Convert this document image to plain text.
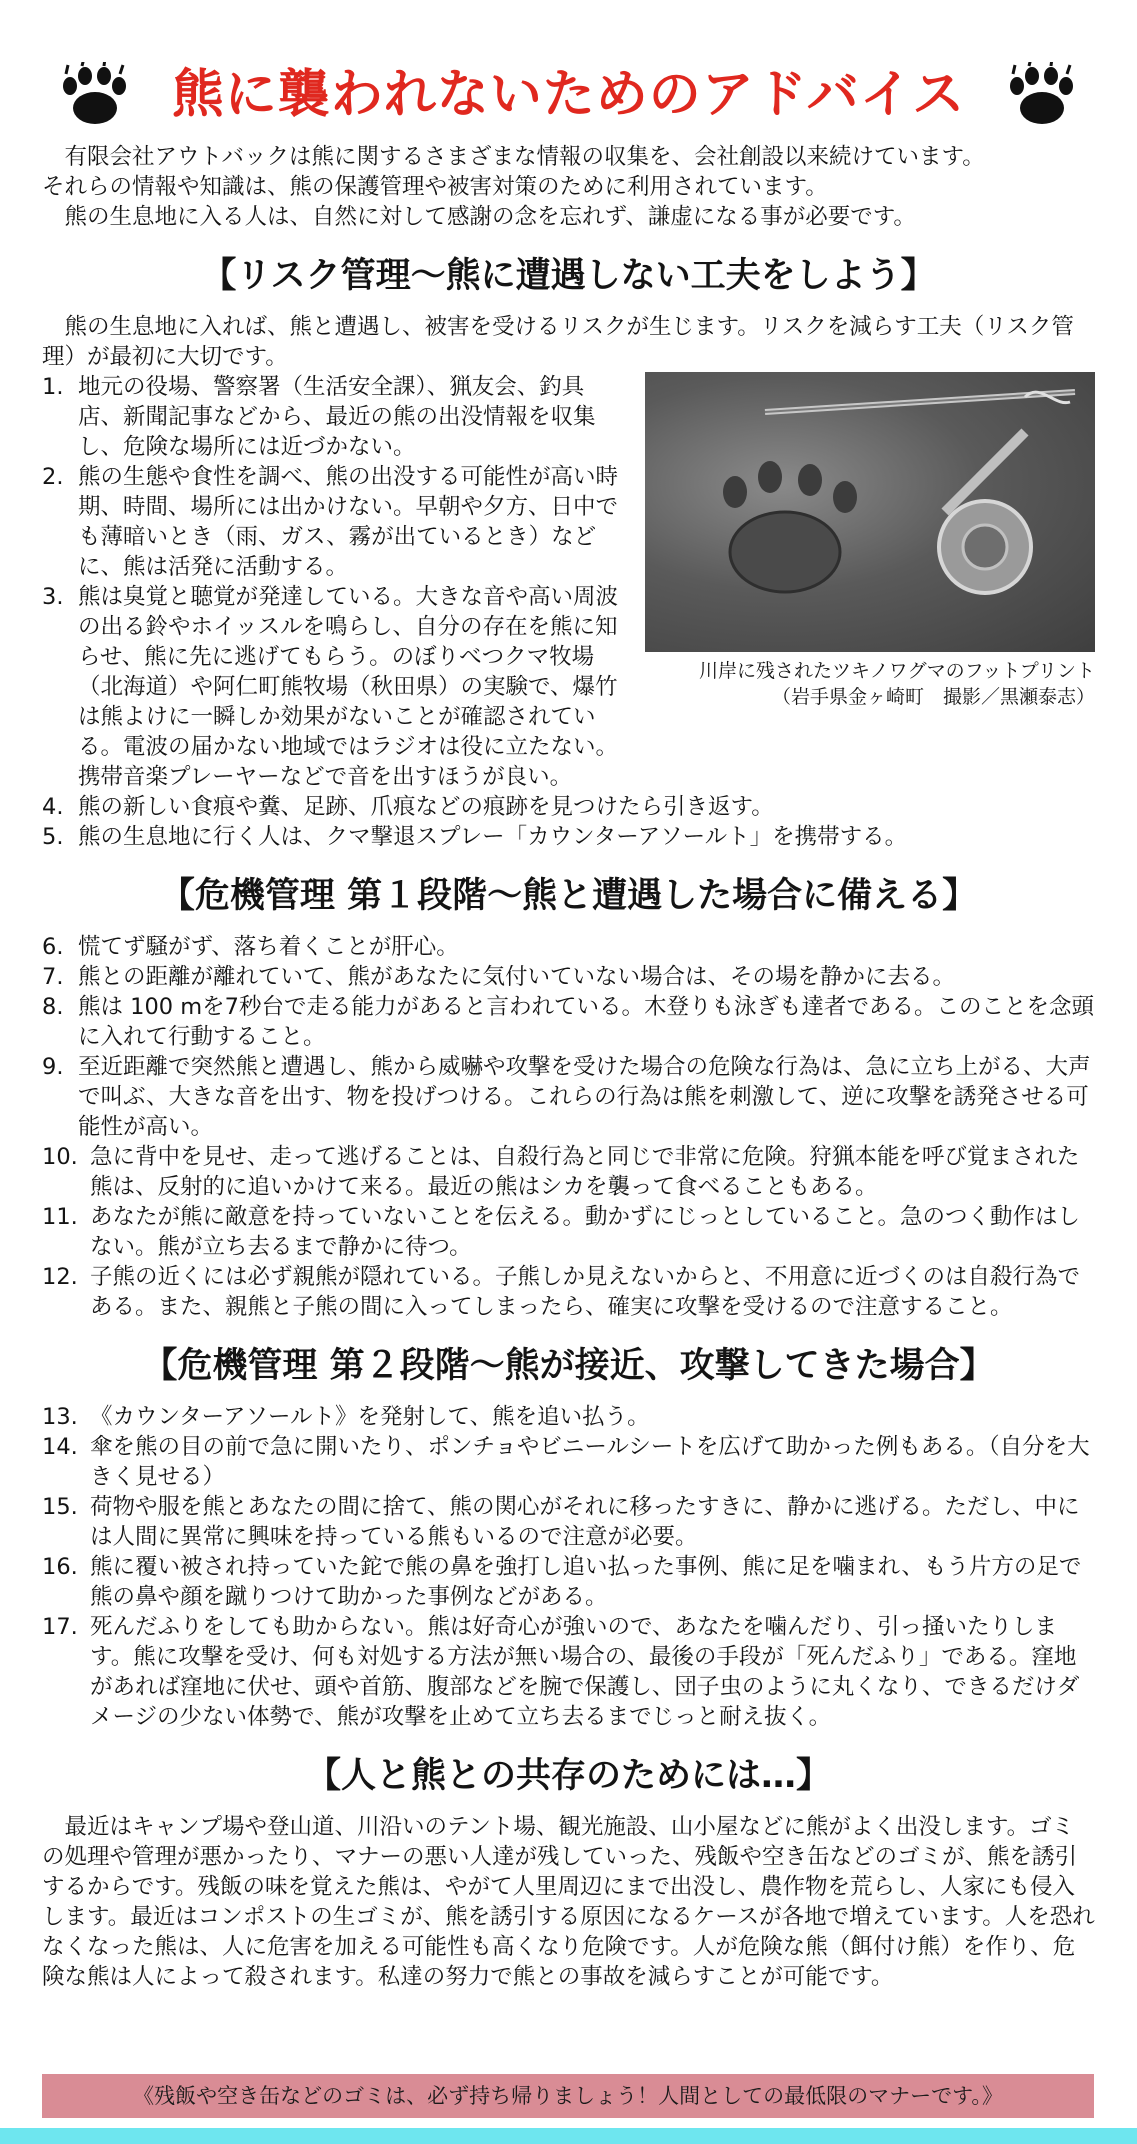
熊に襲われないためのアドバイス

有限会社アウトバックは熊に関するさまざまな情報の収集を、会社創設以来続けています。

それらの情報や知識は、熊の保護管理や被害対策のために利用されています。

熊の生息地に入る人は、自然に対して感謝の念を忘れず、謙虚になる事が必要です。

【リスク管理～熊に遭遇しない工夫をしよう】

熊の生息地に入れば、熊と遭遇し、被害を受けるリスクが生じます。リスクを減らす工夫（リスク管理）が最初に大切です。

川岸に残されたツキノワグマのフットプリント
（岩手県金ヶ崎町　撮影／黒瀬泰志）
1. 地元の役場、警察署（生活安全課）、猟友会、釣具店、新聞記事などから、最近の熊の出没情報を収集し、危険な場所には近づかない。
2. 熊の生態や食性を調べ、熊の出没する可能性が高い時期、時間、場所には出かけない。早朝や夕方、日中でも薄暗いとき（雨、ガス、霧が出ているとき）などに、熊は活発に活動する。
3. 熊は臭覚と聴覚が発達している。大きな音や高い周波の出る鈴やホイッスルを鳴らし、自分の存在を熊に知らせ、熊に先に逃げてもらう。のぼりべつクマ牧場（北海道）や阿仁町熊牧場（秋田県）の実験で、爆竹は熊よけに一瞬しか効果がないことが確認されている。電波の届かない地域ではラジオは役に立たない。携帯音楽プレーヤーなどで音を出すほうが良い。
4. 熊の新しい食痕や糞、足跡、爪痕などの痕跡を見つけたら引き返す。
5. 熊の生息地に行く人は、クマ撃退スプレー「カウンターアソールト」を携帯する。
【危機管理 第１段階～熊と遭遇した場合に備える】
6. 慌てず騒がず、落ち着くことが肝心。
7. 熊との距離が離れていて、熊があなたに気付いていない場合は、その場を静かに去る。
8. 熊は 100 mを7秒台で走る能力があると言われている。木登りも泳ぎも達者である。このことを念頭に入れて行動すること。
9. 至近距離で突然熊と遭遇し、熊から威嚇や攻撃を受けた場合の危険な行為は、急に立ち上がる、大声で叫ぶ、大きな音を出す、物を投げつける。これらの行為は熊を刺激して、逆に攻撃を誘発させる可能性が高い。
10. 急に背中を見せ、走って逃げることは、自殺行為と同じで非常に危険。狩猟本能を呼び覚まされた熊は、反射的に追いかけて来る。最近の熊はシカを襲って食べることもある。
11. あなたが熊に敵意を持っていないことを伝える。動かずにじっとしていること。急のつく動作はしない。熊が立ち去るまで静かに待つ。
12. 子熊の近くには必ず親熊が隠れている。子熊しか見えないからと、不用意に近づくのは自殺行為である。また、親熊と子熊の間に入ってしまったら、確実に攻撃を受けるので注意すること。
【危機管理 第２段階～熊が接近、攻撃してきた場合】
13. 《カウンターアソールト》を発射して、熊を追い払う。
14. 傘を熊の目の前で急に開いたり、ポンチョやビニールシートを広げて助かった例もある。（自分を大きく見せる）
15. 荷物や服を熊とあなたの間に捨て、熊の関心がそれに移ったすきに、静かに逃げる。ただし、中には人間に異常に興味を持っている熊もいるので注意が必要。
16. 熊に覆い被され持っていた鉈で熊の鼻を強打し追い払った事例、熊に足を噛まれ、もう片方の足で熊の鼻や顔を蹴りつけて助かった事例などがある。
17. 死んだふりをしても助からない。熊は好奇心が強いので、あなたを噛んだり、引っ掻いたりします。熊に攻撃を受け、何も対処する方法が無い場合の、最後の手段が「死んだふり」である。窪地があれば窪地に伏せ、頭や首筋、腹部などを腕で保護し、団子虫のように丸くなり、できるだけダメージの少ない体勢で、熊が攻撃を止めて立ち去るまでじっと耐え抜く。
【人と熊との共存のためには…】

最近はキャンプ場や登山道、川沿いのテント場、観光施設、山小屋などに熊がよく出没します。ゴミの処理や管理が悪かったり、マナーの悪い人達が残していった、残飯や空き缶などのゴミが、熊を誘引するからです。残飯の味を覚えた熊は、やがて人里周辺にまで出没し、農作物を荒らし、人家にも侵入します。最近はコンポストの生ゴミが、熊を誘引する原因になるケースが各地で増えています。人を恐れなくなった熊は、人に危害を加える可能性も高くなり危険です。人が危険な熊（餌付け熊）を作り、危険な熊は人によって殺されます。私達の努力で熊との事故を減らすことが可能です。

《残飯や空き缶などのゴミは、必ず持ち帰りましょう！人間としての最低限のマナーです。》
